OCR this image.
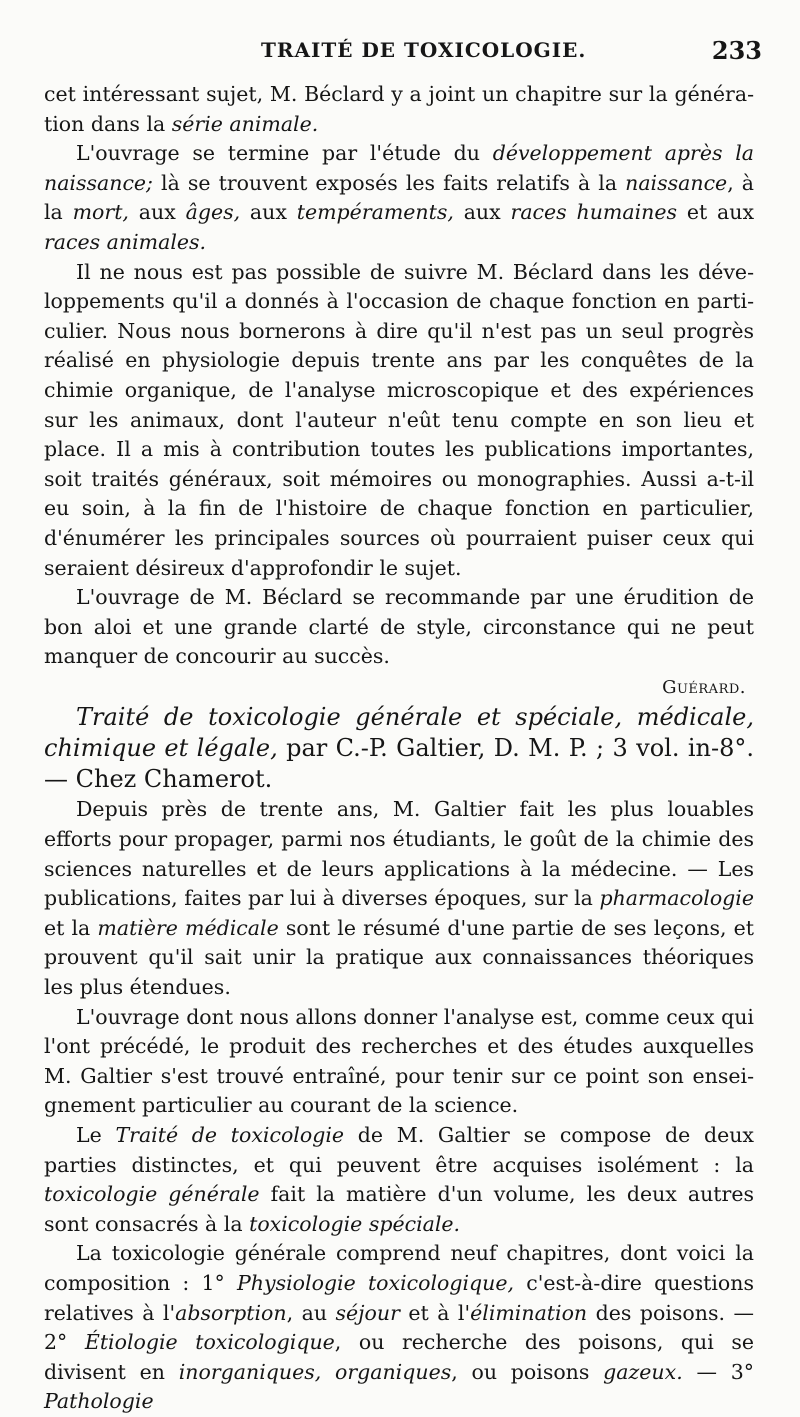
TRAITÉ DE TOXICOLOGIE.	233

cet intéressant sujet, M. Béclard y a joint un chapitre sur la génération dans la série animale.

L'ouvrage se termine par l'étude du développement après la naissance; là se trouvent exposés les faits relatifs à la naissance, à la mort, aux âges, aux tempéraments, aux races humaines et aux races animales.

Il ne nous est pas possible de suivre M. Béclard dans les développements qu'il a donnés à l'occasion de chaque fonction en particulier. Nous nous bornerons à dire qu'il n'est pas un seul progrès réalisé en physiologie depuis trente ans par les conquêtes de la chimie organique, de l'analyse microscopique et des expériences sur les animaux, dont l'auteur n'eût tenu compte en son lieu et place. Il a mis à contribution toutes les publications importantes, soit traités généraux, soit mémoires ou monographies. Aussi a-t-il eu soin, à la fin de l'histoire de chaque fonction en particulier, d'énumérer les principales sources où pourraient puiser ceux qui seraient désireux d'approfondir le sujet.

L'ouvrage de M. Béclard se recommande par une érudition de bon aloi et une grande clarté de style, circonstance qui ne peut manquer de concourir au succès.

Guérard.

Traité de toxicologie générale et spéciale, médicale, chimique et légale, par C.-P. Galtier, D. M. P. ; 3 vol. in-8°. — Chez Chamerot.

Depuis près de trente ans, M. Galtier fait les plus louables efforts pour propager, parmi nos étudiants, le goût de la chimie des sciences naturelles et de leurs applications à la médecine. — Les publications, faites par lui à diverses époques, sur la pharmacologie et la matière médicale sont le résumé d'une partie de ses leçons, et prouvent qu'il sait unir la pratique aux connaissances théoriques les plus étendues.

L'ouvrage dont nous allons donner l'analyse est, comme ceux qui l'ont précédé, le produit des recherches et des études auxquelles M. Galtier s'est trouvé entraîné, pour tenir sur ce point son enseignement particulier au courant de la science.

Le Traité de toxicologie de M. Galtier se compose de deux parties distinctes, et qui peuvent être acquises isolément : la toxicologie générale fait la matière d'un volume, les deux autres sont consacrés à la toxicologie spéciale.

La toxicologie générale comprend neuf chapitres, dont voici la composition : 1° Physiologie toxicologique, c'est-à-dire questions relatives à l'absorption, au séjour et à l'élimination des poisons. — 2° Étiologie toxicologique, ou recherche des poisons, qui se divisent en inorganiques, organiques, ou poisons gazeux. — 3° Pathologie
